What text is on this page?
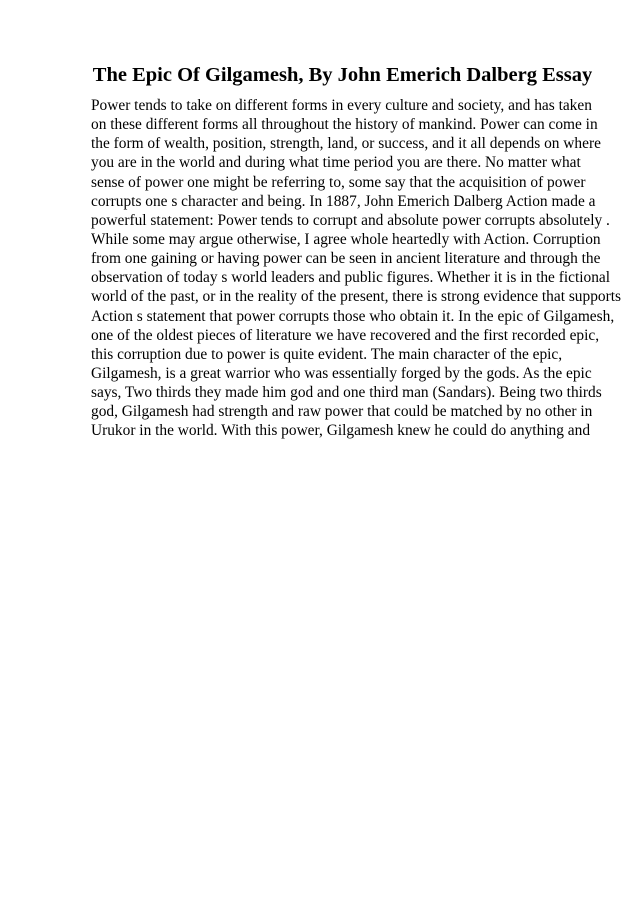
The Epic Of Gilgamesh, By John Emerich Dalberg Essay
Power tends to take on different forms in every culture and society, and has taken
on these different forms all throughout the history of mankind. Power can come in
the form of wealth, position, strength, land, or success, and it all depends on where
you are in the world and during what time period you are there. No matter what
sense of power one might be referring to, some say that the acquisition of power
corrupts one s character and being. In 1887, John Emerich Dalberg Action made a
powerful statement: Power tends to corrupt and absolute power corrupts absolutely .
While some may argue otherwise, I agree whole heartedly with Action. Corruption
from one gaining or having power can be seen in ancient literature and through the
observation of today s world leaders and public figures. Whether it is in the fictional
world of the past, or in the reality of the present, there is strong evidence that supports
Action s statement that power corrupts those who obtain it. In the epic of Gilgamesh,
one of the oldest pieces of literature we have recovered and the first recorded epic,
this corruption due to power is quite evident. The main character of the epic,
Gilgamesh, is a great warrior who was essentially forged by the gods. As the epic
says, Two thirds they made him god and one third man (Sandars). Being two thirds
god, Gilgamesh had strength and raw power that could be matched by no other in
Urukor in the world. With this power, Gilgamesh knew he could do anything and
